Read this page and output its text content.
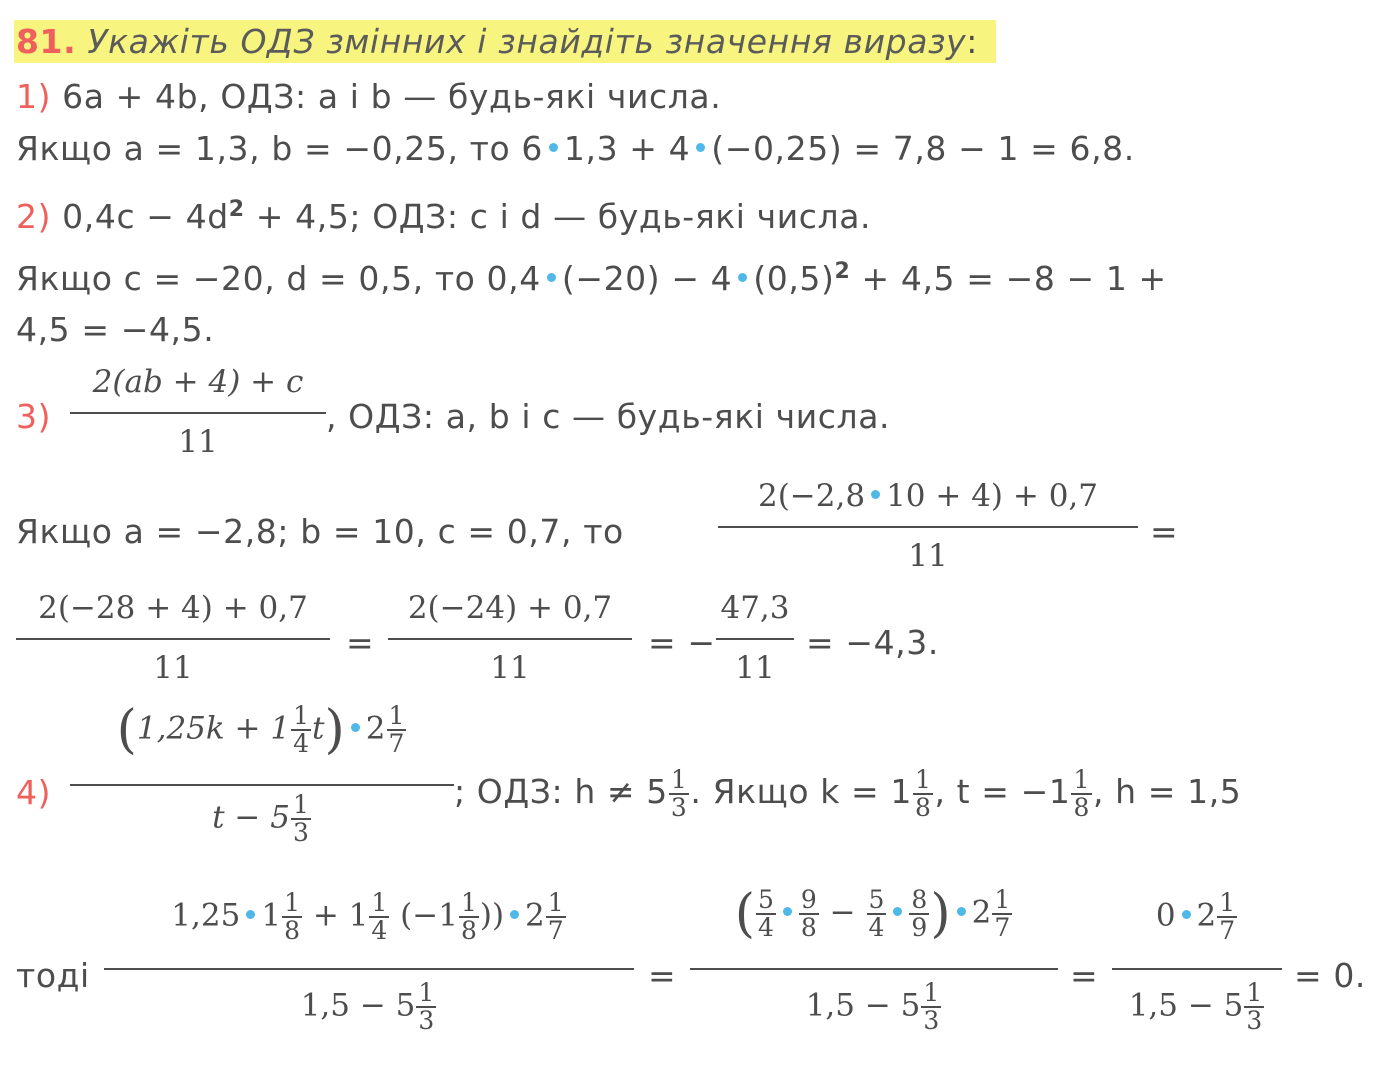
81. Укажіть ОДЗ змінних і знайдіть значення виразу:
1) 6a + 4b, ОДЗ: a і b — будь-які числа.
Якщо a = 1,3, b = −0,25, то 6 1,3 + 4 (−0,25) = 7,8 − 1 = 6,8.
2) $0,4c - 4d^2 + 4,5$; ОДЗ: c і d — будь-які числа.
Якщо c = −20, d = 0,5, то 0,4 (−20) − 4 $(0,5)^2 + 4,5 = -8 - 1$ +
4,5 = −4,5.
3)
2(ab + 4) + c
11
, ОДЗ: a, b і c — будь-які числа.
Якщо a = −2,8; b = 10, c = 0,7, то
2(−2,8 10 + 4) + 0,7
11
=
2(−28 + 4) + 0,7
11
=
2(−24) + 0,7
11
= −
47,3
11
= −4,3.
4)
$(1,25k + 1 \frac{1}{4} t)$ $2 \frac{1}{7}$
$t - 5 \frac{1}{3}$
; ОДЗ: $h \ne 5 \frac{1}{3}$ . Якщо $k = 1 \frac{1}{8}$ , $t = -1 \frac{1}{8}$ , h = 1,5
тоді
1,25 $1 \frac{1}{8} + 1 \frac{1}{4} (-1 \frac{1}{8}$ )) $2 \frac{1}{7}$
$1,5 - 5 \frac{1}{3}$
=
( $\frac{5}{4} \frac{9}{8} - \frac{5}{4} \frac{8}{9}$ ) $2 \frac{1}{7}$
$1,5 - 5 \frac{1}{3}$
=
0 $2 \frac{1}{7}$
$1,5 - 5 \frac{1}{3}$
= 0.
